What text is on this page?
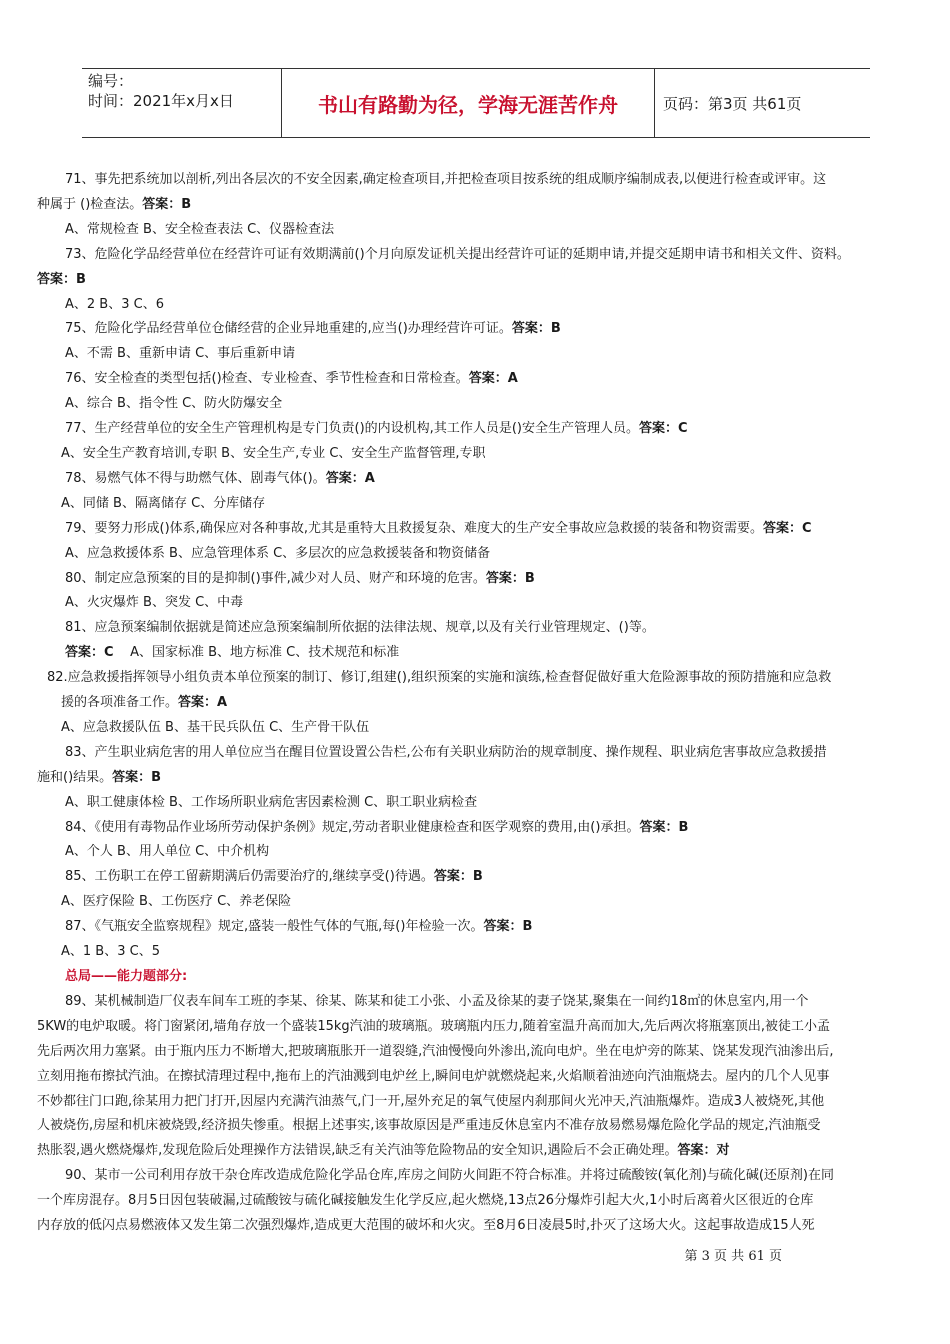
编号：
时间：2021年x月x日	书山有路勤为径，学海无涯苦作舟	页码：第3页 共61页

71、事先把系统加以剖析,列出各层次的不安全因素,确定检查项目,并把检查项目按系统的组成顺序编制成表,以便进行检查或评审。这

种属于 ()检查法。答案：B

A、常规检查 B、安全检查表法 C、仪器检查法

73、危险化学品经营单位在经营许可证有效期满前()个月向原发证机关提出经营许可证的延期申请,并提交延期申请书和相关文件、资料。

答案：B

A、2 B、3 C、6

75、危险化学品经营单位仓储经营的企业异地重建的,应当()办理经营许可证。答案：B

A、不需 B、重新申请 C、事后重新申请

76、安全检查的类型包括()检查、专业检查、季节性检查和日常检查。答案：A

A、综合 B、指令性 C、防火防爆安全

77、生产经营单位的安全生产管理机构是专门负责()的内设机构,其工作人员是()安全生产管理人员。答案：C

A、安全生产教育培训,专职 B、安全生产,专业 C、安全生产监督管理,专职

78、易燃气体不得与助燃气体、剧毒气体()。答案：A

A、同储 B、隔离储存 C、分库储存

79、要努力形成()体系,确保应对各种事故,尤其是重特大且救援复杂、难度大的生产安全事故应急救援的装备和物资需要。答案：C

A、应急救援体系 B、应急管理体系 C、多层次的应急救援装备和物资储备

80、制定应急预案的目的是抑制()事件,减少对人员、财产和环境的危害。答案：B

A、火灾爆炸 B、突发 C、中毒

81、应急预案编制依据就是简述应急预案编制所依据的法律法规、规章,以及有关行业管理规定、()等。

答案：C A、国家标准 B、地方标准 C、技术规范和标准

82.应急救援指挥领导小组负责本单位预案的制订、修订,组建(),组织预案的实施和演练,检查督促做好重大危险源事故的预防措施和应急救

援的各项准备工作。答案：A

A、应急救援队伍 B、基干民兵队伍 C、生产骨干队伍

83、产生职业病危害的用人单位应当在醒目位置设置公告栏,公布有关职业病防治的规章制度、操作规程、职业病危害事故应急救援措

施和()结果。答案：B

A、职工健康体检 B、工作场所职业病危害因素检测 C、职工职业病检查

84、《使用有毒物品作业场所劳动保护条例》规定,劳动者职业健康检查和医学观察的费用,由()承担。答案：B

A、个人 B、用人单位 C、中介机构

85、工伤职工在停工留薪期满后仍需要治疗的,继续享受()待遇。答案：B

A、医疗保险 B、工伤医疗 C、养老保险

87、《气瓶安全监察规程》规定,盛装一般性气体的气瓶,每()年检验一次。答案：B

A、1 B、3 C、5

总局——能力题部分:

89、某机械制造厂仪表车间车工班的李某、徐某、陈某和徒工小张、小孟及徐某的妻子饶某,聚集在一间约18㎡的休息室内,用一个

5KW的电炉取暖。将门窗紧闭,墙角存放一个盛装15kg汽油的玻璃瓶。玻璃瓶内压力,随着室温升高而加大,先后两次将瓶塞顶出,被徒工小孟

先后两次用力塞紧。由于瓶内压力不断增大,把玻璃瓶胀开一道裂缝,汽油慢慢向外渗出,流向电炉。坐在电炉旁的陈某、饶某发现汽油渗出后,

立刻用拖布擦拭汽油。在擦拭清理过程中,拖布上的汽油溅到电炉丝上,瞬间电炉就燃烧起来,火焰顺着油迹向汽油瓶烧去。屋内的几个人见事

不妙都往门口跑,徐某用力把门打开,因屋内充满汽油蒸气,门一开,屋外充足的氧气使屋内刹那间火光冲天,汽油瓶爆炸。造成3人被烧死,其他

人被烧伤,房屋和机床被烧毁,经济损失惨重。根据上述事实,该事故原因是严重违反休息室内不准存放易燃易爆危险化学品的规定,汽油瓶受

热胀裂,遇火燃烧爆炸,发现危险后处理操作方法错误,缺乏有关汽油等危险物品的安全知识,遇险后不会正确处理。答案：对

90、某市一公司利用存放干杂仓库改造成危险化学品仓库,库房之间防火间距不符合标准。并将过硫酸铵(氧化剂)与硫化碱(还原剂)在同

一个库房混存。8月5日因包装破漏,过硫酸铵与硫化碱接触发生化学反应,起火燃烧,13点26分爆炸引起大火,1小时后离着火区很近的仓库

内存放的低闪点易燃液体又发生第二次强烈爆炸,造成更大范围的破坏和火灾。至8月6日凌晨5时,扑灭了这场大火。这起事故造成15人死

第 3 页 共 61 页
